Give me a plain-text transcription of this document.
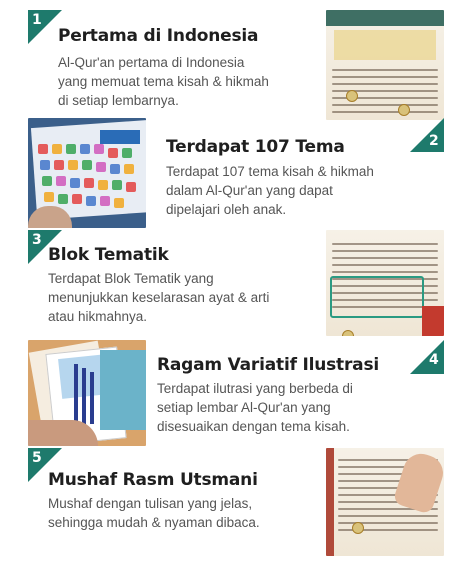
1
Pertama di Indonesia
Al-Qur'an pertama di Indonesia
yang memuat tema kisah & hikmah
di setiap lembarnya.

2
Terdapat 107 Tema
Terdapat 107 tema kisah & hikmah
dalam Al-Qur'an yang dapat
dipelajari oleh anak.
3
Blok Tematik
Terdapat Blok Tematik yang
menunjukkan keselarasan ayat & arti
atau hikmahnya.
4
Ragam Variatif Ilustrasi
Terdapat ilutrasi yang berbeda di
setiap lembar Al-Qur'an yang
disesuaikan dengan tema kisah.
5
Mushaf Rasm Utsmani
Mushaf dengan tulisan yang jelas,
sehingga mudah & nyaman dibaca.
